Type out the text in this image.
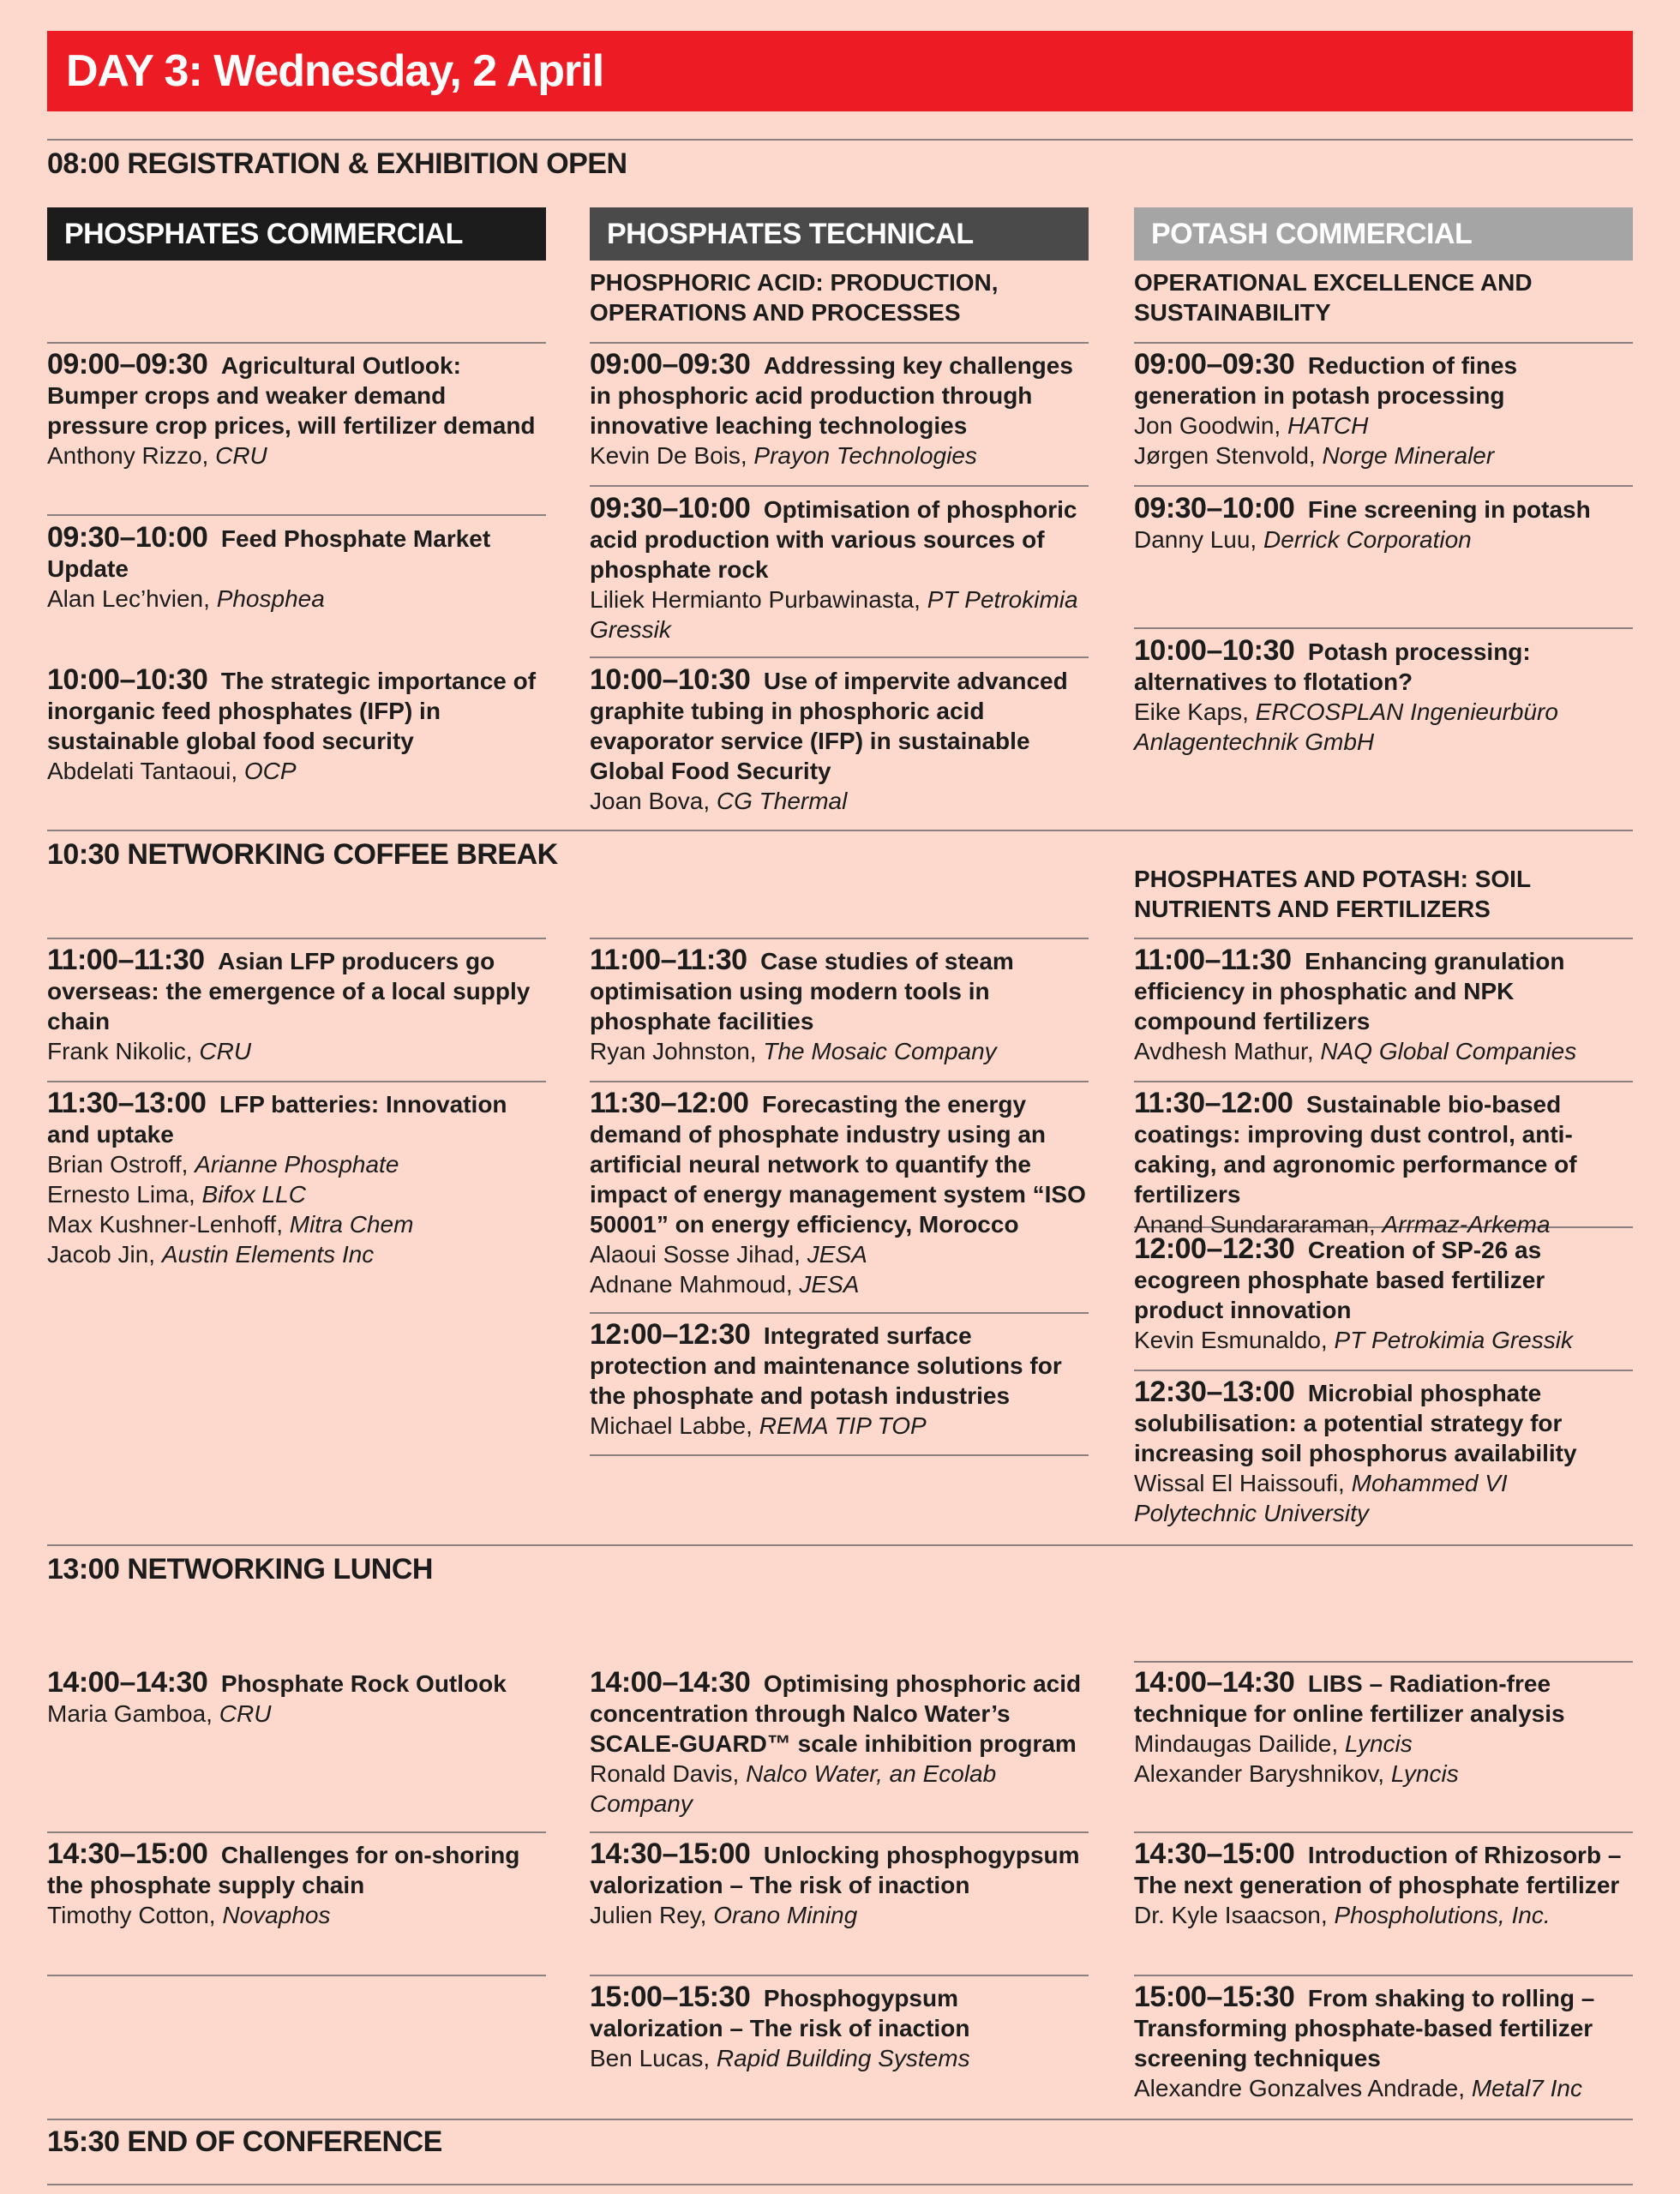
DAY 3: Wednesday, 2 April
08:00 REGISTRATION & EXHIBITION OPEN
PHOSPHATES COMMERCIAL	PHOSPHATES TECHNICAL	POTASH COMMERCIAL
PHOSPHORIC ACID: PRODUCTION, OPERATIONS AND PROCESSES
OPERATIONAL EXCELLENCE AND SUSTAINABILITY
10:30 NETWORKING COFFEE BREAK
PHOSPHATES AND POTASH: SOIL NUTRIENTS AND FERTILIZERS
13:00 NETWORKING LUNCH
15:30 END OF CONFERENCE
09:00–09:30 Agricultural Outlook: Bumper crops and weaker demand pressure crop prices, will fertilizer demand
Anthony Rizzo, CRU
09:30–10:00 Feed Phosphate Market Update
Alan Lec’hvien, Phosphea
10:00–10:30 The strategic importance of inorganic feed phosphates (IFP) in sustainable global food security
Abdelati Tantaoui, OCP
11:00–11:30 Asian LFP producers go overseas: the emergence of a local supply chain
Frank Nikolic, CRU
11:30–13:00 LFP batteries: Innovation and uptake
Brian Ostroff, Arianne Phosphate
Ernesto Lima, Bifox LLC
Max Kushner-Lenhoff, Mitra Chem
Jacob Jin, Austin Elements Inc
14:00–14:30 Phosphate Rock Outlook
Maria Gamboa, CRU
14:30–15:00 Challenges for on-shoring the phosphate supply chain
Timothy Cotton, Novaphos
09:00–09:30 Addressing key challenges in phosphoric acid production through innovative leaching technologies
Kevin De Bois, Prayon Technologies
09:30–10:00 Optimisation of phosphoric acid production with various sources of phosphate rock
Liliek Hermianto Purbawinasta, PT Petrokimia Gressik
10:00–10:30 Use of impervite advanced graphite tubing in phosphoric acid evaporator service (IFP) in sustainable Global Food Security
Joan Bova, CG Thermal
11:00–11:30 Case studies of steam optimisation using modern tools in phosphate facilities
Ryan Johnston, The Mosaic Company
11:30–12:00 Forecasting the energy demand of phosphate industry using an artificial neural network to quantify the impact of energy management system “ISO 50001” on energy efficiency, Morocco
Alaoui Sosse Jihad, JESA
Adnane Mahmoud, JESA
12:00–12:30 Integrated surface protection and maintenance solutions for the phosphate and potash industries
Michael Labbe, REMA TIP TOP
14:00–14:30 Optimising phosphoric acid concentration through Nalco Water’s SCALE-GUARD™ scale inhibition program
Ronald Davis, Nalco Water, an Ecolab Company
14:30–15:00 Unlocking phosphogypsum valorization – The risk of inaction
Julien Rey, Orano Mining
15:00–15:30 Phosphogypsum valorization – The risk of inaction
Ben Lucas, Rapid Building Systems
09:00–09:30 Reduction of fines generation in potash processing
Jon Goodwin, HATCH
Jørgen Stenvold, Norge Mineraler
09:30–10:00 Fine screening in potash
Danny Luu, Derrick Corporation
10:00–10:30 Potash processing: alternatives to flotation?
Eike Kaps, ERCOSPLAN Ingenieurbüro Anlagentechnik GmbH
11:00–11:30 Enhancing granulation efficiency in phosphatic and NPK compound fertilizers
Avdhesh Mathur, NAQ Global Companies
11:30–12:00 Sustainable bio-based coatings: improving dust control, anti-caking, and agronomic performance of fertilizers
Anand Sundararaman, Arrmaz-Arkema
12:00–12:30 Creation of SP-26 as ecogreen phosphate based fertilizer product innovation
Kevin Esmunaldo, PT Petrokimia Gressik
12:30–13:00 Microbial phosphate solubilisation: a potential strategy for increasing soil phosphorus availability
Wissal El Haissoufi, Mohammed VI Polytechnic University
14:00–14:30 LIBS – Radiation-free technique for online fertilizer analysis
Mindaugas Dailide, Lyncis
Alexander Baryshnikov, Lyncis
14:30–15:00 Introduction of Rhizosorb – The next generation of phosphate fertilizer
Dr. Kyle Isaacson, Phospholutions, Inc.
15:00–15:30 From shaking to rolling – Transforming phosphate-based fertilizer screening techniques
Alexandre Gonzalves Andrade, Metal7 Inc
